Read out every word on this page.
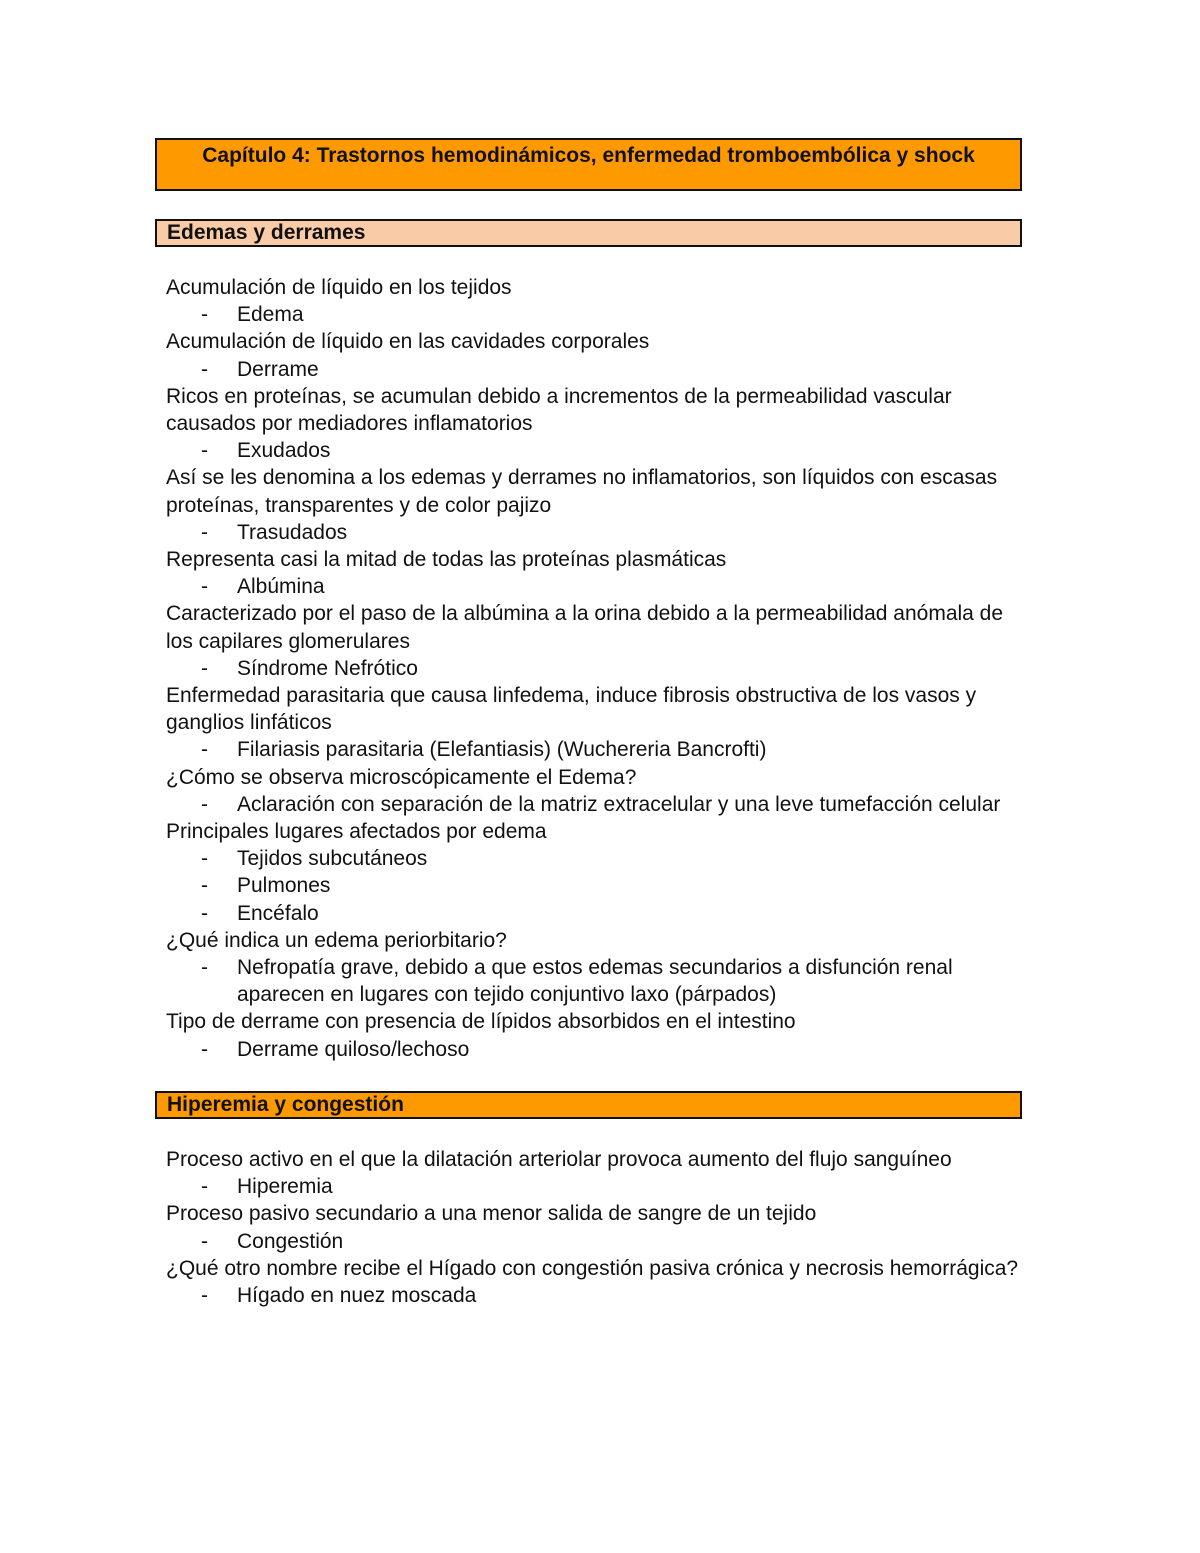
Capítulo 4: Trastornos hemodinámicos, enfermedad tromboembólica y shock
Edemas y derrames

Acumulación de líquido en los tejidos

- Edema

Acumulación de líquido en las cavidades corporales

- Derrame

Ricos en proteínas, se acumulan debido a incrementos de la permeabilidad vascular causados por mediadores inflamatorios

- Exudados

Así se les denomina a los edemas y derrames no inflamatorios, son líquidos con escasas proteínas, transparentes y de color pajizo

- Trasudados

Representa casi la mitad de todas las proteínas plasmáticas

- Albúmina

Caracterizado por el paso de la albúmina a la orina debido a la permeabilidad anómala de los capilares glomerulares

- Síndrome Nefrótico

Enfermedad parasitaria que causa linfedema, induce fibrosis obstructiva de los vasos y ganglios linfáticos

- Filariasis parasitaria (Elefantiasis) (Wuchereria Bancrofti)

¿Cómo se observa microscópicamente el Edema?

- Aclaración con separación de la matriz extracelular y una leve tumefacción celular

Principales lugares afectados por edema

- Tejidos subcutáneos

- Pulmones

- Encéfalo

¿Qué indica un edema periorbitario?

- Nefropatía grave, debido a que estos edemas secundarios a disfunción renal aparecen en lugares con tejido conjuntivo laxo (párpados)

Tipo de derrame con presencia de lípidos absorbidos en el intestino

- Derrame quiloso/lechoso

Hiperemia y congestión

Proceso activo en el que la dilatación arteriolar provoca aumento del flujo sanguíneo

- Hiperemia

Proceso pasivo secundario a una menor salida de sangre de un tejido

- Congestión

¿Qué otro nombre recibe el Hígado con congestión pasiva crónica y necrosis hemorrágica?

- Hígado en nuez moscada
